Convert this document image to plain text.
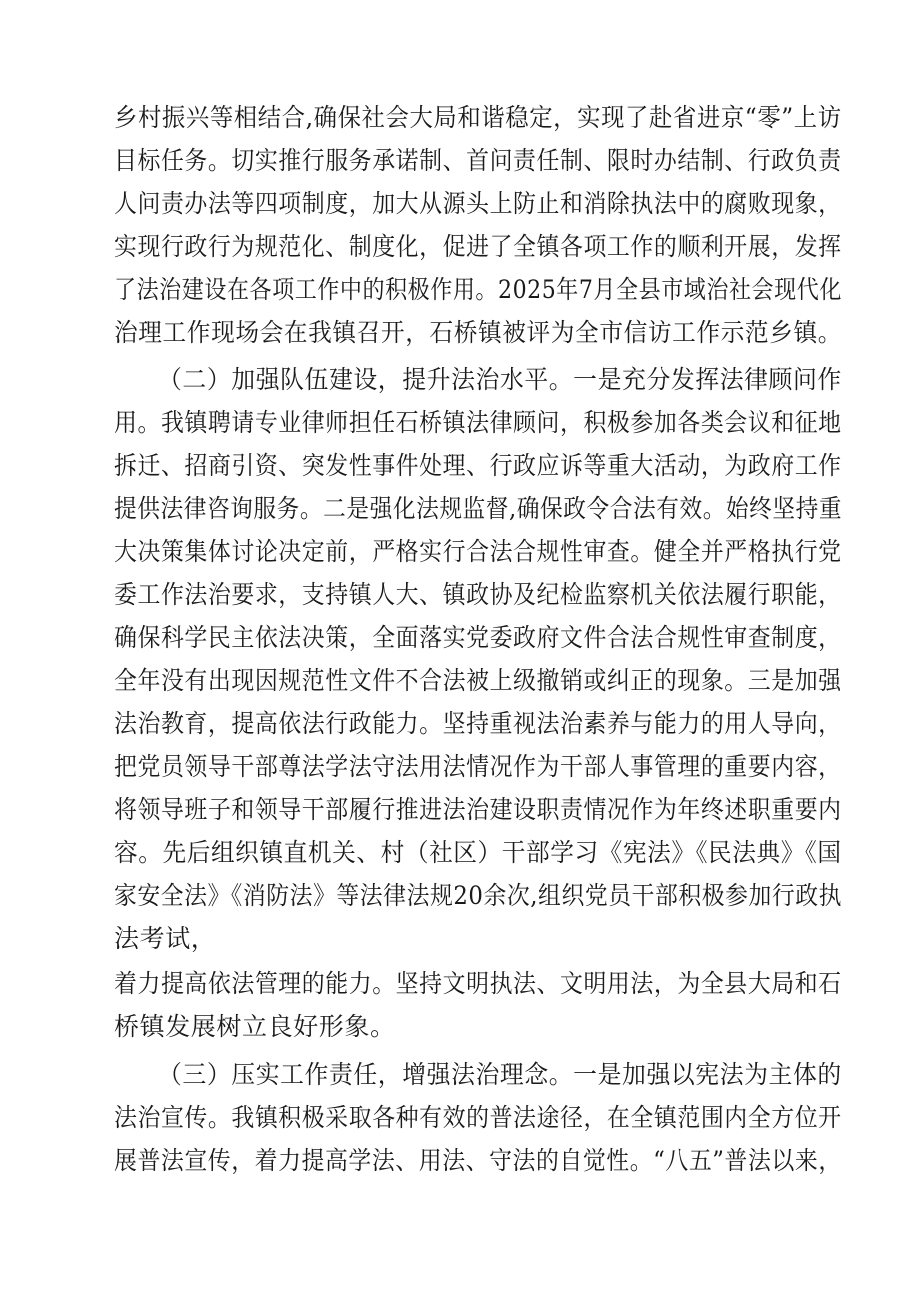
乡村振兴等相结合,确保社会大局和谐稳定，实现了赴省进京“零”上访
目标任务。切实推行服务承诺制、首问责任制、限时办结制、行政负责
人问责办法等四项制度，加大从源头上防止和消除执法中的腐败现象，
实现行政行为规范化、制度化，促进了全镇各项工作的顺利开展，发挥
了法治建设在各项工作中的积极作用。2025年7月全县市域治社会现代化
治理工作现场会在我镇召开，石桥镇被评为全市信访工作示范乡镇。
（二）加强队伍建设，提升法治水平。一是充分发挥法律顾问作
用。我镇聘请专业律师担任石桥镇法律顾问，积极参加各类会议和征地
拆迁、招商引资、突发性事件处理、行政应诉等重大活动，为政府工作
提供法律咨询服务。二是强化法规监督,确保政令合法有效。始终坚持重
大决策集体讨论决定前，严格实行合法合规性审查。健全并严格执行党
委工作法治要求，支持镇人大、镇政协及纪检监察机关依法履行职能，
确保科学民主依法决策，全面落实党委政府文件合法合规性审查制度，
全年没有出现因规范性文件不合法被上级撤销或纠正的现象。三是加强
法治教育，提高依法行政能力。坚持重视法治素养与能力的用人导向，
把党员领导干部尊法学法守法用法情况作为干部人事管理的重要内容，
将领导班子和领导干部履行推进法治建设职责情况作为年终述职重要内
容。先后组织镇直机关、村（社区）干部学习《宪法》《民法典》《国
家安全法》《消防法》等法律法规20余次,组织党员干部积极参加行政执
法考试，
着力提高依法管理的能力。坚持文明执法、文明用法，为全县大局和石
桥镇发展树立良好形象。
（三）压实工作责任，增强法治理念。一是加强以宪法为主体的
法治宣传。我镇积极采取各种有效的普法途径，在全镇范围内全方位开
展普法宣传，着力提高学法、用法、守法的自觉性。“八五”普法以来，
